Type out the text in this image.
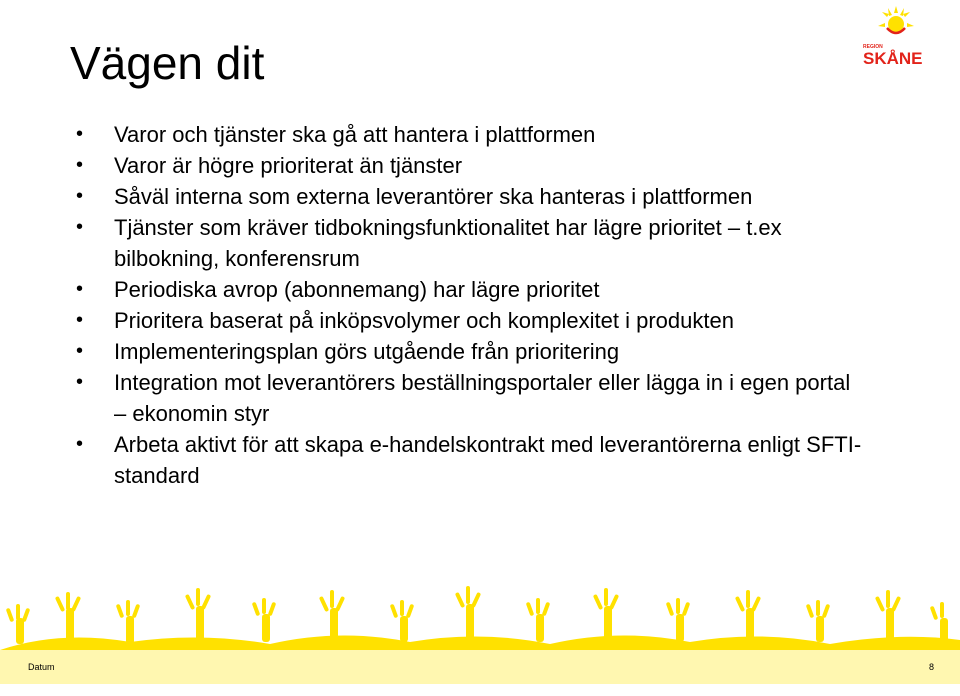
Vägen dit	REGION
SKÅNE
• Varor och tjänster ska gå att hantera i plattformen
• Varor är högre prioriterat än tjänster
• Såväl interna som externa leverantörer ska hanteras i plattformen
• Tjänster som kräver tidbokningsfunktionalitet har lägre prioritet – t.ex bilbokning, konferensrum
• Periodiska avrop (abonnemang) har lägre prioritet
• Prioritera baserat på inköpsvolymer och komplexitet i produkten
• Implementeringsplan görs utgående från prioritering
• Integration mot leverantörers beställningsportaler eller lägga in i egen portal – ekonomin styr
• Arbeta aktivt för att skapa e-handelskontrakt med leverantörerna enligt SFTI-standard
Datum	8
